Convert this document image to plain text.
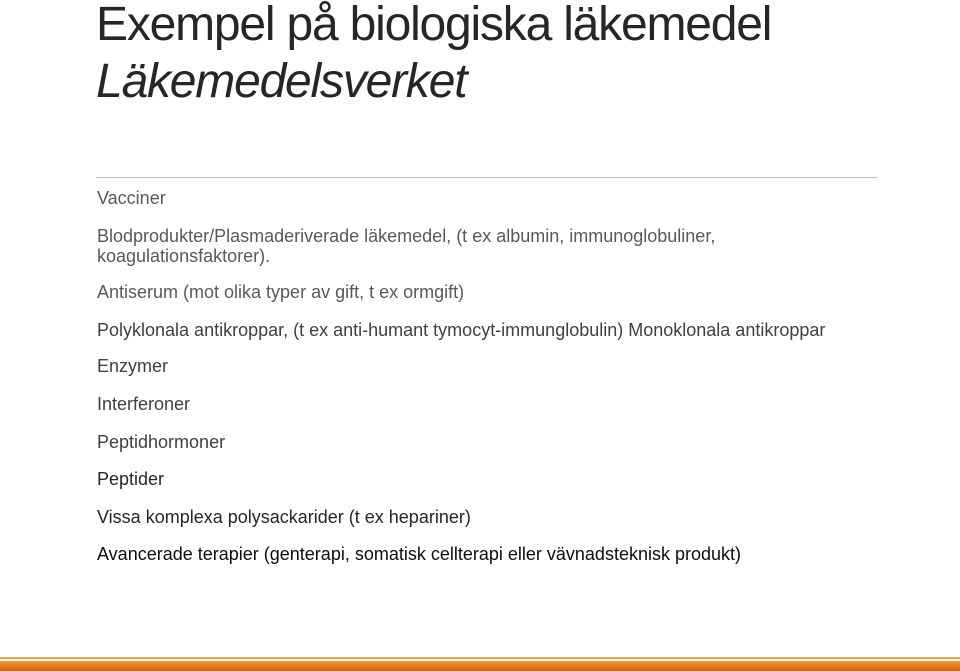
Exempel på biologiska läkemedel
Läkemedelsverket
Vacciner
Blodprodukter/Plasmaderiverade läkemedel, (t ex albumin, immunoglobuliner, koagulationsfaktorer).
Antiserum (mot olika typer av gift, t ex ormgift)
Polyklonala antikroppar, (t ex anti-humant tymocyt-immunglobulin) Monoklonala antikroppar
Enzymer
Interferoner
Peptidhormoner
Peptider
Vissa komplexa polysackarider (t ex hepariner)
Avancerade terapier (genterapi, somatisk cellterapi eller vävnadsteknisk produkt)
